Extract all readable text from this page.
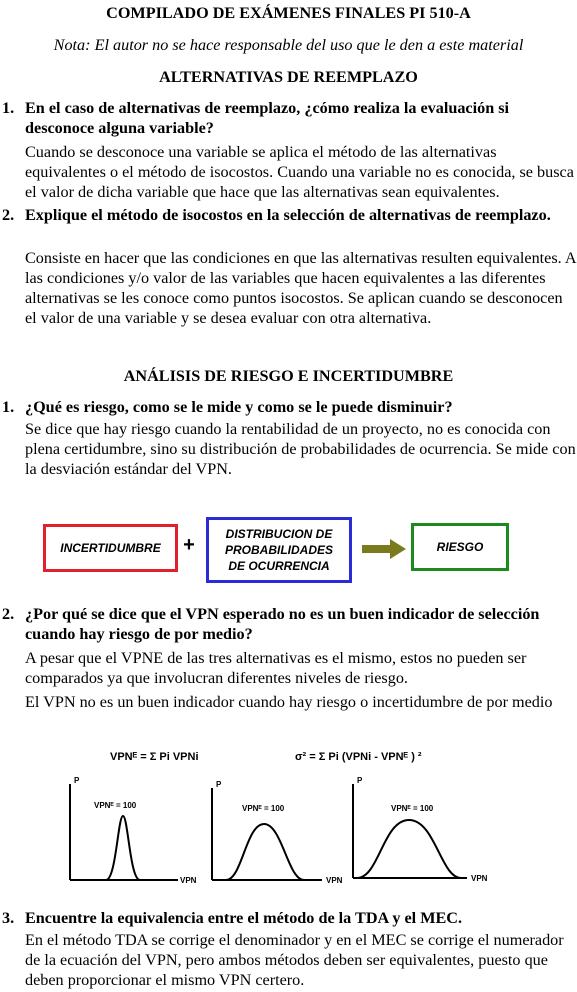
COMPILADO DE EXÁMENES FINALES PI 510-A
Nota: El autor no se hace responsable del uso que le den a este material
ALTERNATIVAS DE REEMPLAZO
1. En el caso de alternativas de reemplazo, ¿cómo realiza la evaluación si desconoce alguna variable?
Cuando se desconoce una variable se aplica el método de las alternativas equivalentes o el método de isocostos. Cuando una variable no es conocida, se busca el valor de dicha variable que hace que las alternativas sean equivalentes.
2. Explique el método de isocostos en la selección de alternativas de reemplazo.
Consiste en hacer que las condiciones en que las alternativas resulten equivalentes. A las condiciones y/o valor de las variables que hacen equivalentes a las diferentes alternativas se les conoce como puntos isocostos. Se aplican cuando se desconocen el valor de una variable y se desea evaluar con otra alternativa.
ANÁLISIS DE RIESGO E INCERTIDUMBRE
1. ¿Qué es riesgo, como se le mide y como se le puede disminuir?
Se dice que hay riesgo cuando la rentabilidad de un proyecto, no es conocida con plena certidumbre, sino su distribución de probabilidades de ocurrencia. Se mide con la desviación estándar del VPN.
INCERTIDUMBRE +	DISTRIBUCION DE
PROBABILIDADES
DE OCURRENCIA
RIESGO
2. ¿Por qué se dice que el VPN esperado no es un buen indicador de selección cuando hay riesgo de por medio?
A pesar que el VPNE de las tres alternativas es el mismo, estos no pueden ser comparados ya que involucran diferentes niveles de riesgo.
El VPN no es un buen indicador cuando hay riesgo o incertidumbre de por medio
VPNᴱ = Σ Pi VPNi	σ² = Σ Pi (VPNi - VPNᴱ ) ²
P
VPNᴱ = 100
VPN
P
VPNᴱ = 100
VPN
P
VPNᴱ = 100
VPN
3. Encuentre la equivalencia entre el método de la TDA y el MEC.
En el método TDA se corrige el denominador y en el MEC se corrige el numerador de la ecuación del VPN, pero ambos métodos deben ser equivalentes, puesto que deben proporcionar el mismo VPN certero.
